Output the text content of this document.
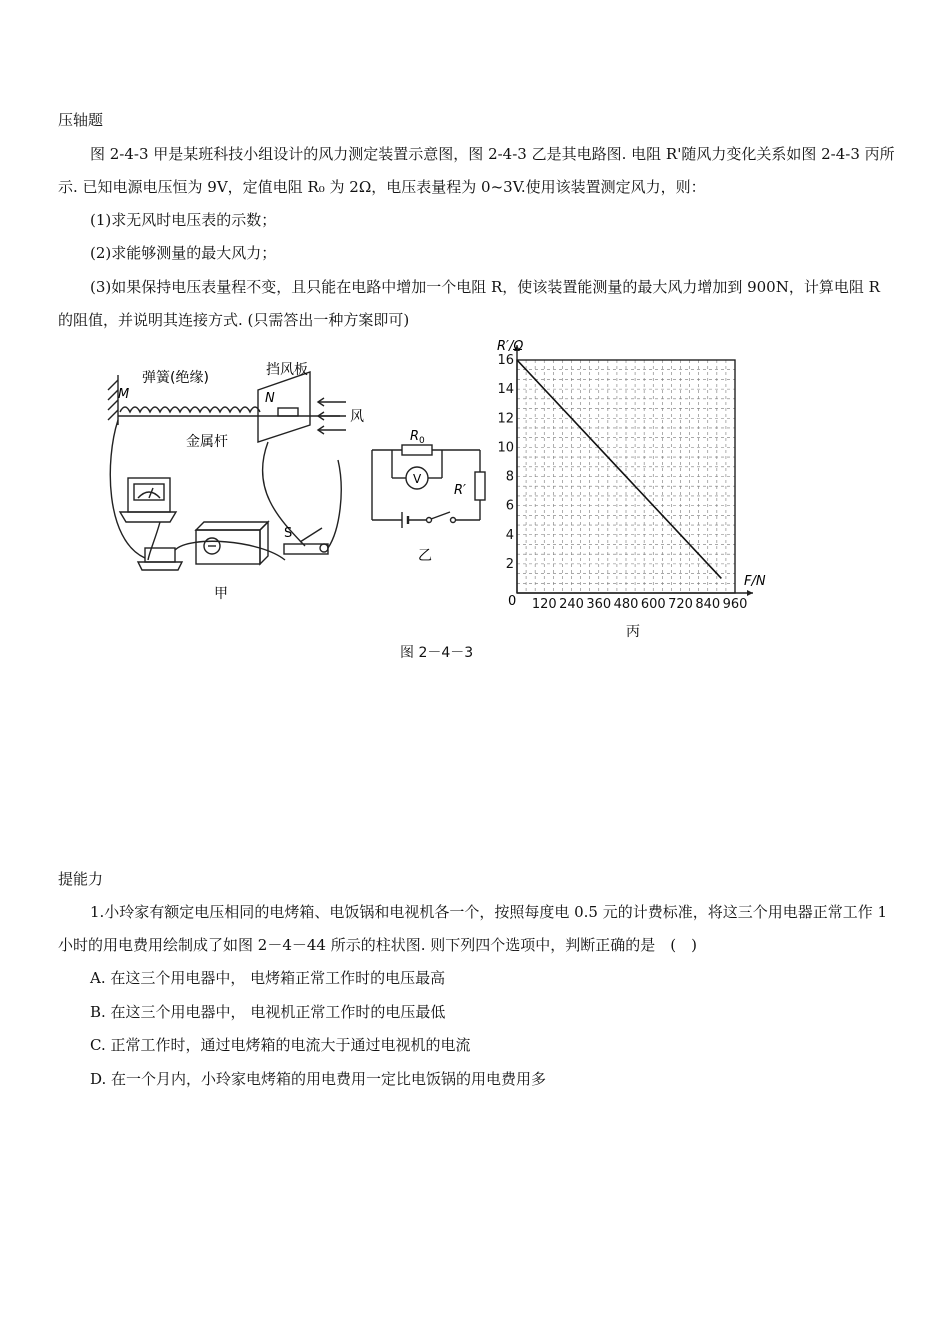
压轴题

图 2-4-3 甲是某班科技小组设计的风力测定装置示意图，图 2-4-3 乙是其电路图. 电阻 R'随风力变化关系如图 2-4-3 丙所示. 已知电源电压恒为 9V，定值电阻 R₀ 为 2Ω，电压表量程为 0~3V.使用该装置测定风力，则：

(1)求无风时电压表的示数；

(2)求能够测量的最大风力；

(3)如果保持电压表量程不变，且只能在电路中增加一个电阻 R，使该装置能测量的最大风力增加到 900N，计算电阻 R 的阻值，并说明其连接方式. (只需答出一种方案即可)

M
弹簧(绝缘)	挡风板
N
风
金属杆
S
甲
$R_0$
V
R′
乙
120 240 360 480 600 720 840 960
2
4
6
8
10
12
14
16
R′/Ω
F/N
0
丙
图 2－4－3

提能力

1.小玲家有额定电压相同的电烤箱、电饭锅和电视机各一个，按照每度电 0.5 元的计费标准，将这三个用电器正常工作 1 小时的用电费用绘制成了如图 2－4－44 所示的柱状图. 则下列四个选项中，判断正确的是　(　)

A. 在这三个用电器中， 电烤箱正常工作时的电压最高

B. 在这三个用电器中， 电视机正常工作时的电压最低

C. 正常工作时，通过电烤箱的电流大于通过电视机的电流

D. 在一个月内，小玲家电烤箱的用电费用一定比电饭锅的用电费用多
